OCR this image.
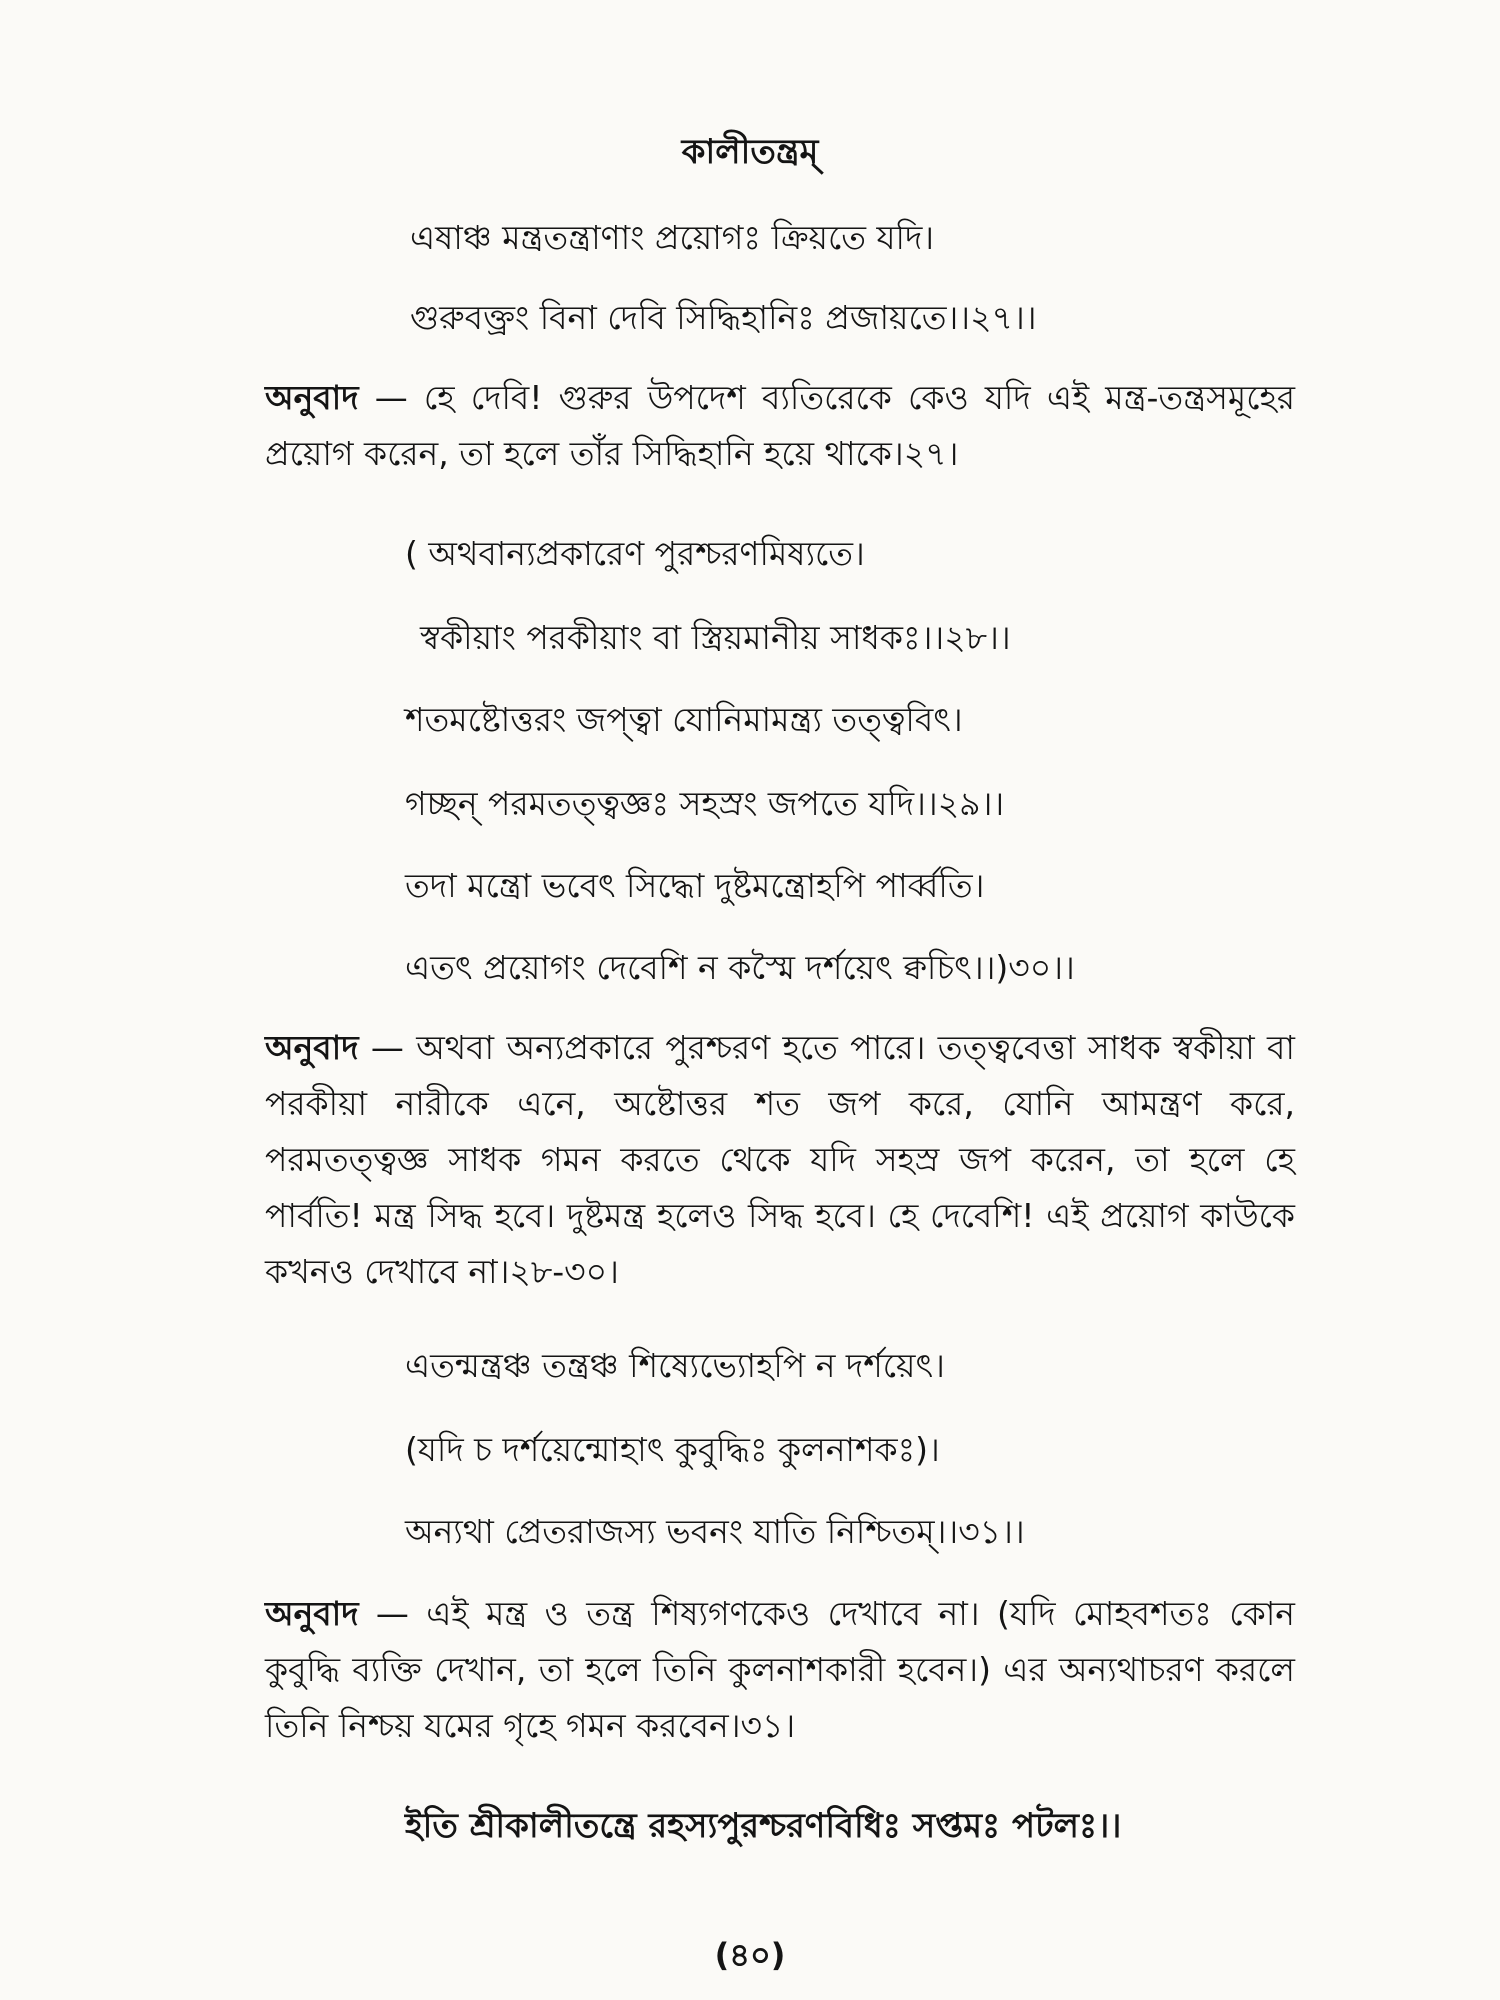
কালীতন্ত্রম্
এষাঞ্চ মন্ত্রতন্ত্রাণাং প্রয়োগঃ ক্রিয়তে যদি।
গুরুবক্ত্রং বিনা দেবি সিদ্ধিহানিঃ প্রজায়তে।।২৭।।

অনুবাদ — হে দেবি! গুরুর উপদেশ ব্যতিরেকে কেও যদি এই মন্ত্র-তন্ত্রসমূহের প্রয়োগ করেন, তা হলে তাঁর সিদ্ধিহানি হয়ে থাকে।২৭।

( অথবান্যপ্রকারেণ পুরশ্চরণমিষ্যতে।
স্বকীয়াং পরকীয়াং বা স্ত্রিয়মানীয় সাধকঃ।।২৮।।
শতমষ্টোত্তরং জপ্ত্বা যোনিমামন্ত্র্য তত্ত্ববিৎ।
গচ্ছন্ পরমতত্ত্বজ্ঞঃ সহস্রং জপতে যদি।।২৯।।
তদা মন্ত্রো ভবেৎ সিদ্ধো দুষ্টমন্ত্রোহপি পার্ব্বতি।
এতৎ প্রয়োগং দেবেশি ন কস্মৈ দর্শয়েৎ ক্বচিৎ।।)৩০।।

অনুবাদ — অথবা অন্যপ্রকারে পুরশ্চরণ হতে পারে। তত্ত্ববেত্তা সাধক স্বকীয়া বা পরকীয়া নারীকে এনে, অষ্টোত্তর শত জপ করে, যোনি আমন্ত্রণ করে, পরমতত্ত্বজ্ঞ সাধক গমন করতে থেকে যদি সহস্র জপ করেন, তা হলে হে পার্বতি! মন্ত্র সিদ্ধ হবে। দুষ্টমন্ত্র হলেও সিদ্ধ হবে। হে দেবেশি! এই প্রয়োগ কাউকে কখনও দেখাবে না।২৮-৩০।

এতন্মন্ত্রঞ্চ তন্ত্রঞ্চ শিষ্যেভ্যোহপি ন দর্শয়েৎ।
(যদি চ দর্শয়েন্মোহাৎ কুবুদ্ধিঃ কুলনাশকঃ)।
অন্যথা প্রেতরাজস্য ভবনং যাতি নিশ্চিতম্।।৩১।।

অনুবাদ — এই মন্ত্র ও তন্ত্র শিষ্যগণকেও দেখাবে না। (যদি মোহবশতঃ কোন কুবুদ্ধি ব্যক্তি দেখান, তা হলে তিনি কুলনাশকারী হবেন।) এর অন্যথাচরণ করলে তিনি নিশ্চয় যমের গৃহে গমন করবেন।৩১।

ইতি শ্রীকালীতন্ত্রে রহস্যপুরশ্চরণবিধিঃ সপ্তমঃ পটলঃ।।
(৪০)
